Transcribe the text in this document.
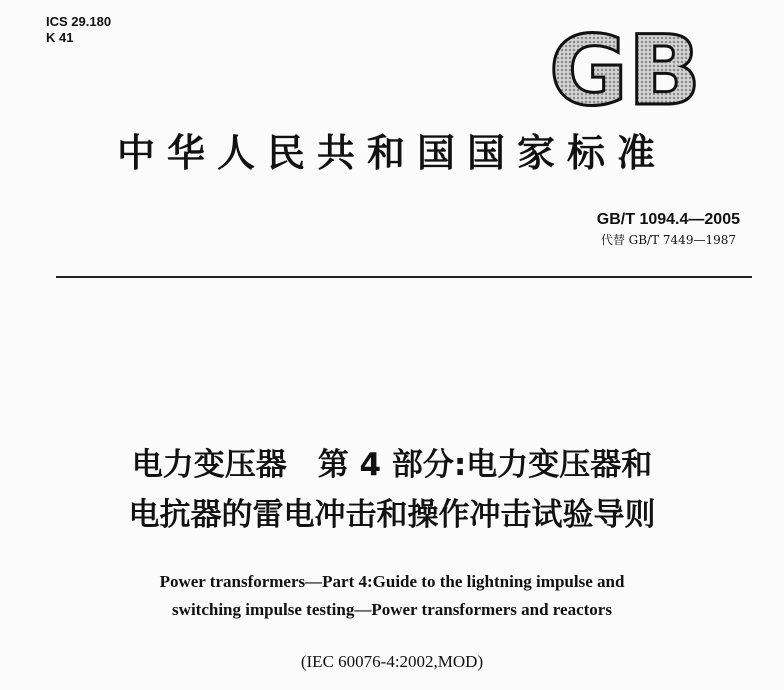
ICS 29.180
K 41	GB
中华人民共和国国家标准
GB/T 1094.4—2005
代替 GB/T 7449—1987
电力变压器　第 4 部分:电力变压器和
电抗器的雷电冲击和操作冲击试验导则
Power transformers—Part 4:Guide to the lightning impulse and
switching impulse testing—Power transformers and reactors
(IEC 60076-4:2002,MOD)
